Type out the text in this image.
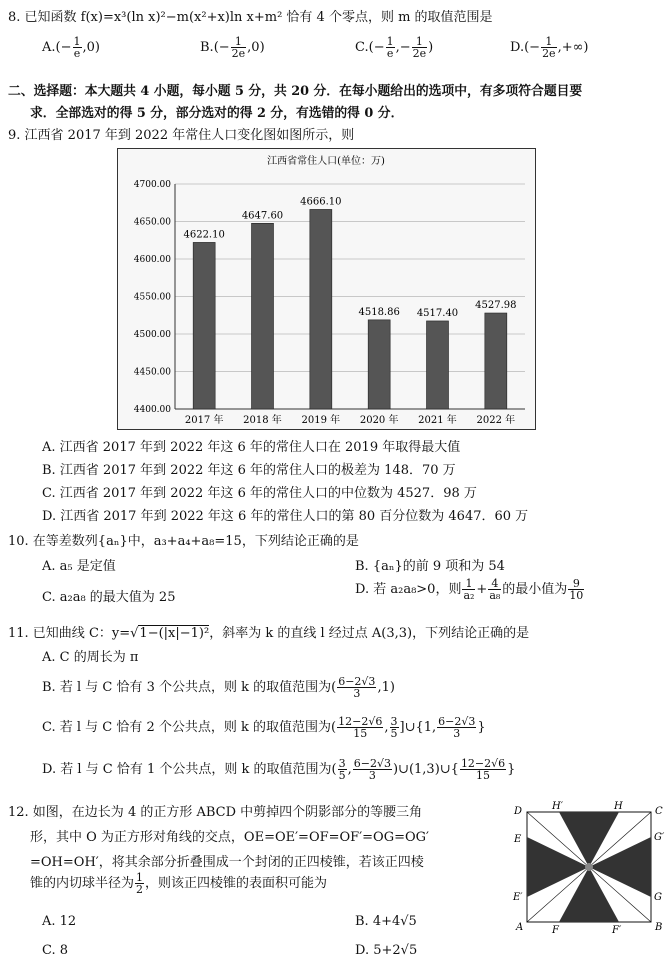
8. 已知函数 f(x)=x³(ln x)²−m(x²+x)ln x+m² 恰有 4 个零点，则 m 的取值范围是
$A.(- \frac{1}{e} ,0)$	$B.(- \frac{1}{2e} ,0)$	$C.(- \frac{1}{e}$ ,− $\frac{1}{2e}$ )	$D.(- \frac{1}{2e}$ ,+∞)
二、选择题：本大题共 4 小题，每小题 5 分，共 20 分．在每小题给出的选项中，有多项符合题目要
求．全部选对的得 5 分，部分选对的得 2 分，有选错的得 0 分．
9. 江西省 2017 年到 2022 年常住人口变化图如图所示，则
江西省常住人口(单位：万)
4622.10
4647.60
4666.10
4518.86 4517.40
4527.98
4400.00
4450.00
4500.00
4550.00
4600.00
4650.00
4700.00
2017 年 2018 年 2019 年 2020 年 2021 年 2022 年
A. 江西省 2017 年到 2022 年这 6 年的常住人口在 2019 年取得最大值
B. 江西省 2017 年到 2022 年这 6 年的常住人口的极差为 148．70 万
C. 江西省 2017 年到 2022 年这 6 年的常住人口的中位数为 4527．98 万
D. 江西省 2017 年到 2022 年这 6 年的常住人口的第 80 百分位数为 4647．60 万
10. 在等差数列{aₙ}中，a₃+a₄+a₈=15，下列结论正确的是
A. a₅ 是定值	B. {aₙ}的前 9 项和为 54
C. a₂a₈ 的最大值为 25
D. 若 a₂a₈>0，则 $\frac{1}{\text{a₂}} + \frac{4}{\text{a₈}}$ 的最小值为 $\frac{9}{10}$
11. 已知曲线 C：y=√1−(|x|−1)²，斜率为 k 的直线 l 经过点 A(3,3)，下列结论正确的是
A. C 的周长为 π
B. 若 l 与 C 恰有 3 个公共点，则 k 的取值范围为( $\frac{6-2√3}{3} ,1$)
C. 若 l 与 C 恰有 2 个公共点，则 k 的取值范围为( $\frac{12-2√6}{15}$ , $\frac{3}{5}$ ]∪{1, $\frac{6-2√3}{3}$ }
D. 若 l 与 C 恰有 1 个公共点，则 k 的取值范围为( $\frac{3}{5}$ , $\frac{6-2√3}{3}$ )∪(1,3)∪{ $\frac{12-2√6}{15}$ }
12. 如图，在边长为 4 的正方形 ABCD 中剪掉四个阴影部分的等腰三角
形，其中 O 为正方形对角线的交点，OE=OE′=OF=OF′=OG=OG′
=OH=OH′，将其余部分折叠围成一个封闭的正四棱锥，若该正四棱
锥的内切球半径为 $\frac{1}{2}$ ，则该正四棱锥的表面积可能为
A. 12	B. 4+4√5
C. 8	D. 5+2√5
D	H′	H	C
G′
G
E
E′
A	F	F′	B
